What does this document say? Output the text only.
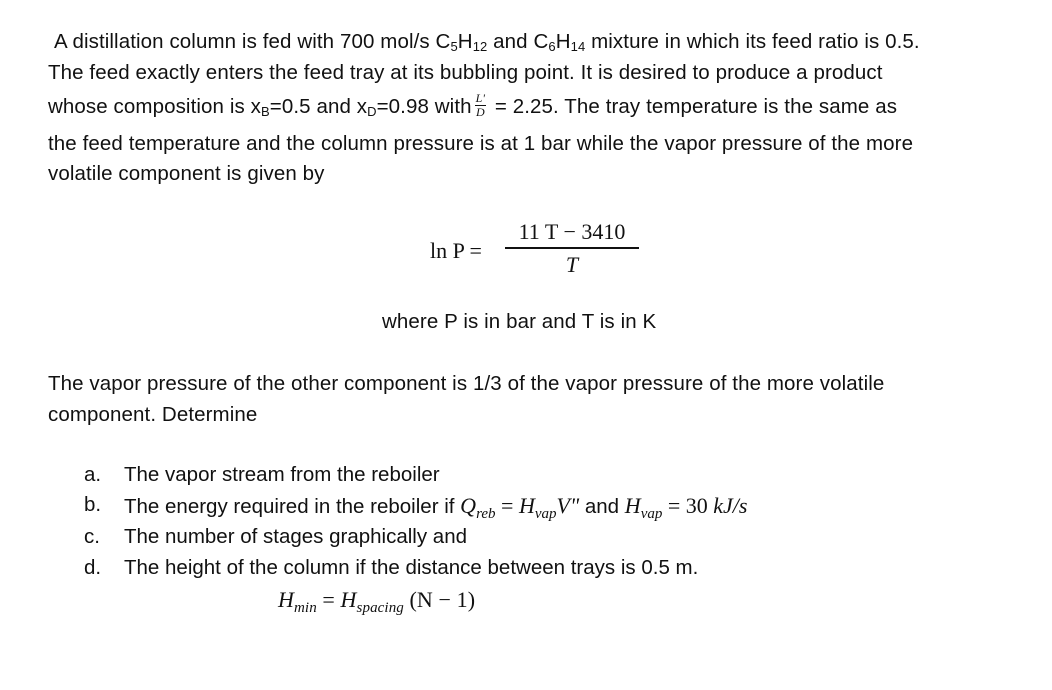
A distillation column is fed with 700 mol/s $C_5H_{12}$ and $C_6H_{14}$ mixture in which its feed ratio is 0.5.
The feed exactly enters the feed tray at its bubbling point. It is desired to produce a product
whose composition is $x_B=0.5$ and $x_D=0.98$ with $\frac{L'}{D} = 2.25$. The tray temperature is the same as
the feed temperature and the column pressure is at 1 bar while the vapor pressure of the more
volatile component is given by
ln P =
11 T − 3410
T
where P is in bar and T is in K
The vapor pressure of the other component is 1/3 of the vapor pressure of the more volatile
component. Determine
a. The vapor stream from the reboiler
b. The energy required in the reboiler if $Q_{reb} = H_{vap}V$" and $H_{vap} = 30$ kJ/s
c. The number of stages graphically and
d. The height of the column if the distance between trays is 0.5 m.
$H_{min} = H_{spacing}$ (N − 1)
